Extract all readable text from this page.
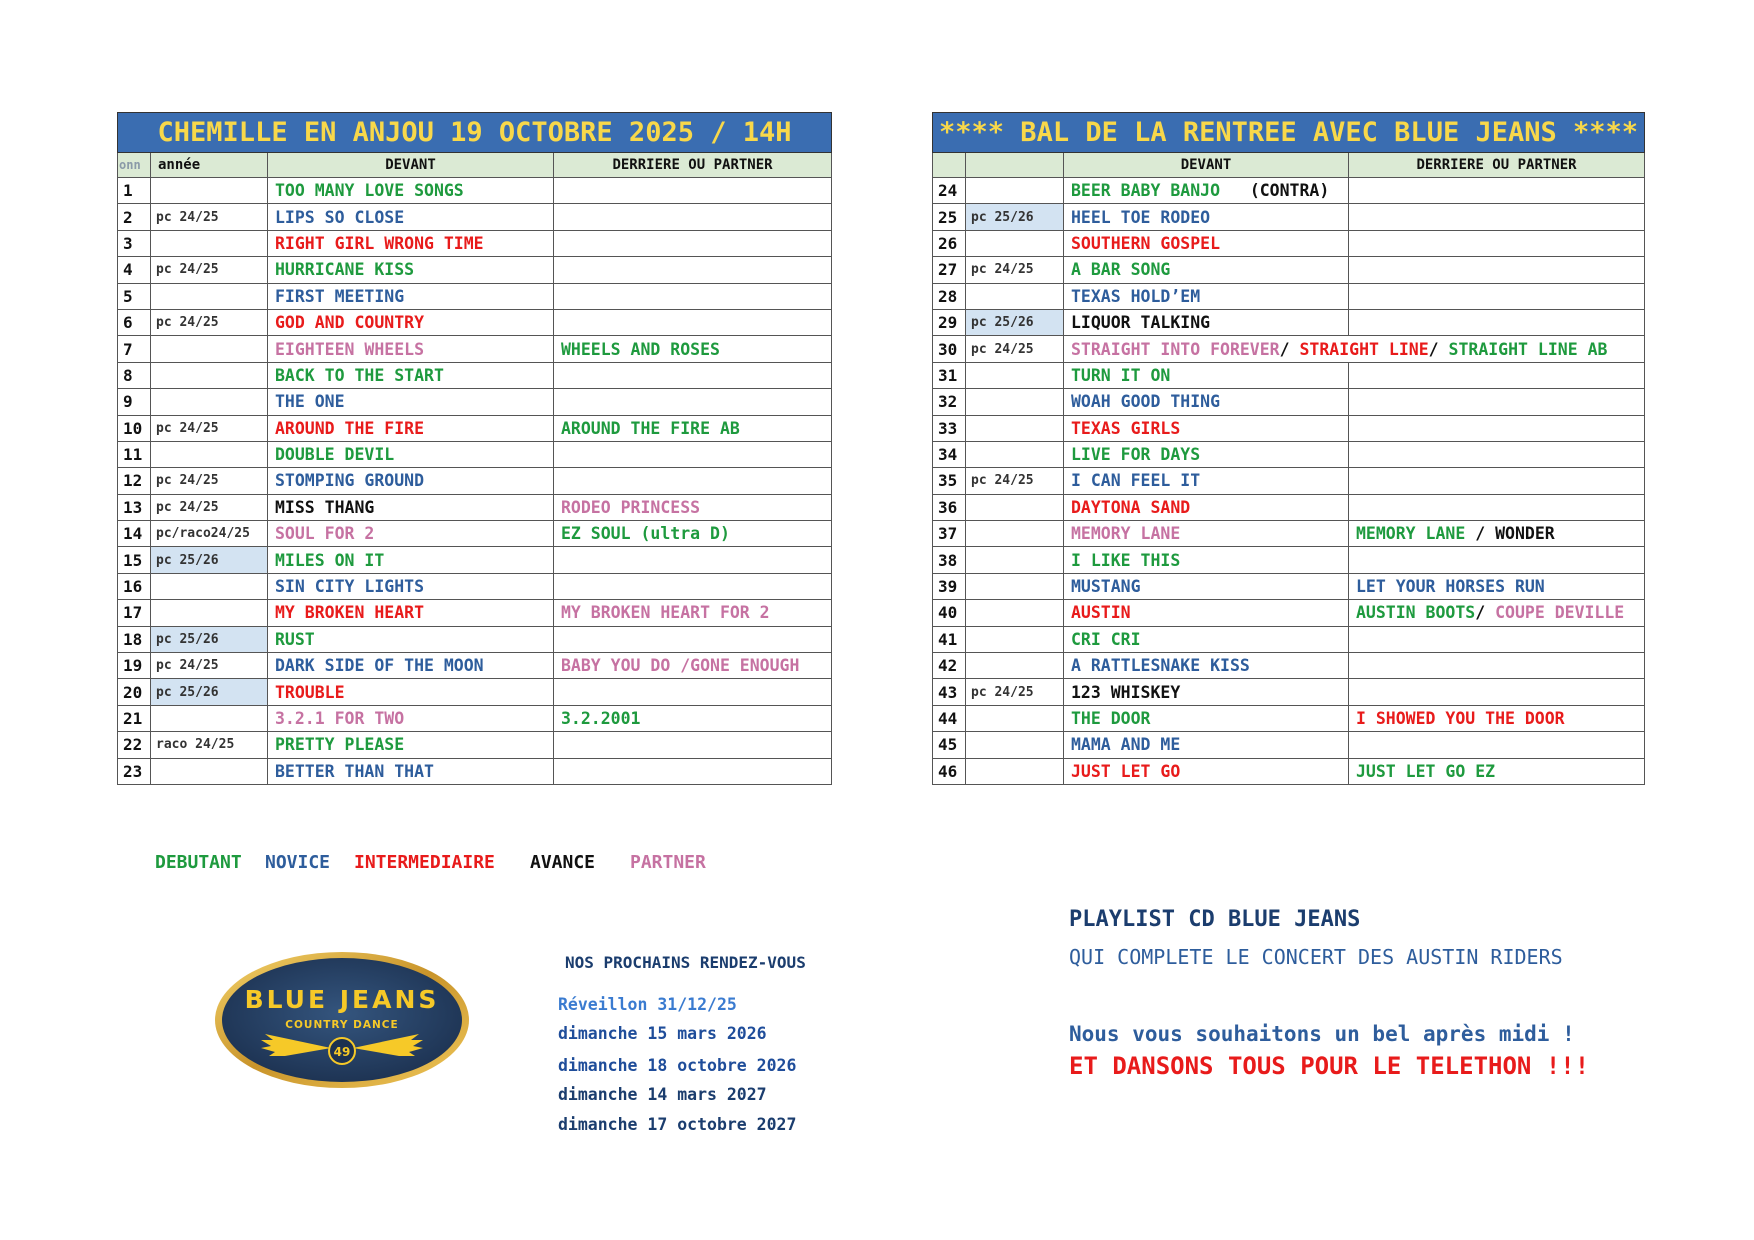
CHEMILLE EN ANJOU 19 OCTOBRE 2025 / 14H			
onn	année	DEVANT	DERRIERE OU PARTNER
1		TOO MANY LOVE SONGS	
2	pc 24/25	LIPS SO CLOSE	
3		RIGHT GIRL WRONG TIME	
4	pc 24/25	HURRICANE KISS	
5		FIRST MEETING	
6	pc 24/25	GOD AND COUNTRY	
7		EIGHTEEN WHEELS	WHEELS AND ROSES
8		BACK TO THE START	
9		THE ONE	
10	pc 24/25	AROUND THE FIRE	AROUND THE FIRE AB
11		DOUBLE DEVIL	
12	pc 24/25	STOMPING GROUND	
13	pc 24/25	MISS THANG	RODEO PRINCESS
14	pc/raco24/25	SOUL FOR 2	EZ SOUL (ultra D)
15	pc 25/26	MILES ON IT	
16		SIN CITY LIGHTS	
17		MY BROKEN HEART	MY BROKEN HEART FOR 2
18	pc 25/26	RUST	
19	pc 24/25	DARK SIDE OF THE MOON	BABY YOU DO /GONE ENOUGH
20	pc 25/26	TROUBLE	
21		3.2.1 FOR TWO	3.2.2001
22	raco 24/25	PRETTY PLEASE	
23		BETTER THAN THAT	
**** BAL DE LA RENTREE AVEC BLUE JEANS ****			
		DEVANT	DERRIERE OU PARTNER
24		BEER BABY BANJO   (CONTRA)	
25	pc 25/26	HEEL TOE RODEO	
26		SOUTHERN GOSPEL	
27	pc 24/25	A BAR SONG	
28		TEXAS HOLD’EM	
29	pc 25/26	LIQUOR TALKING	
30	pc 24/25	STRAIGHT INTO FOREVER/ STRAIGHT LINE/ STRAIGHT LINE AB	
31		TURN IT ON	
32		WOAH GOOD THING	
33		TEXAS GIRLS	
34		LIVE FOR DAYS	
35	pc 24/25	I CAN FEEL IT	
36		DAYTONA SAND	
37		MEMORY LANE	MEMORY LANE / WONDER
38		I LIKE THIS	
39		MUSTANG	LET YOUR HORSES RUN
40		AUSTIN	AUSTIN BOOTS/ COUPE DEVILLE
41		CRI CRI	
42		A RATTLESNAKE KISS	
43	pc 24/25	123 WHISKEY	
44		THE DOOR	I SHOWED YOU THE DOOR
45		MAMA AND ME	
46		JUST LET GO	JUST LET GO EZ
DEBUTANT NOVICE INTERMEDIAIRE AVANCE PARTNER
BLUE JEANS
COUNTRY DANCE
49
NOS PROCHAINS RENDEZ-VOUS
Réveillon 31/12/25
dimanche 15 mars 2026
dimanche 18 octobre 2026
dimanche 14 mars 2027
dimanche 17 octobre 2027
PLAYLIST CD BLUE JEANS
QUI COMPLETE LE CONCERT DES AUSTIN RIDERS
Nous vous souhaitons un bel après midi !
ET DANSONS TOUS POUR LE TELETHON !!!
